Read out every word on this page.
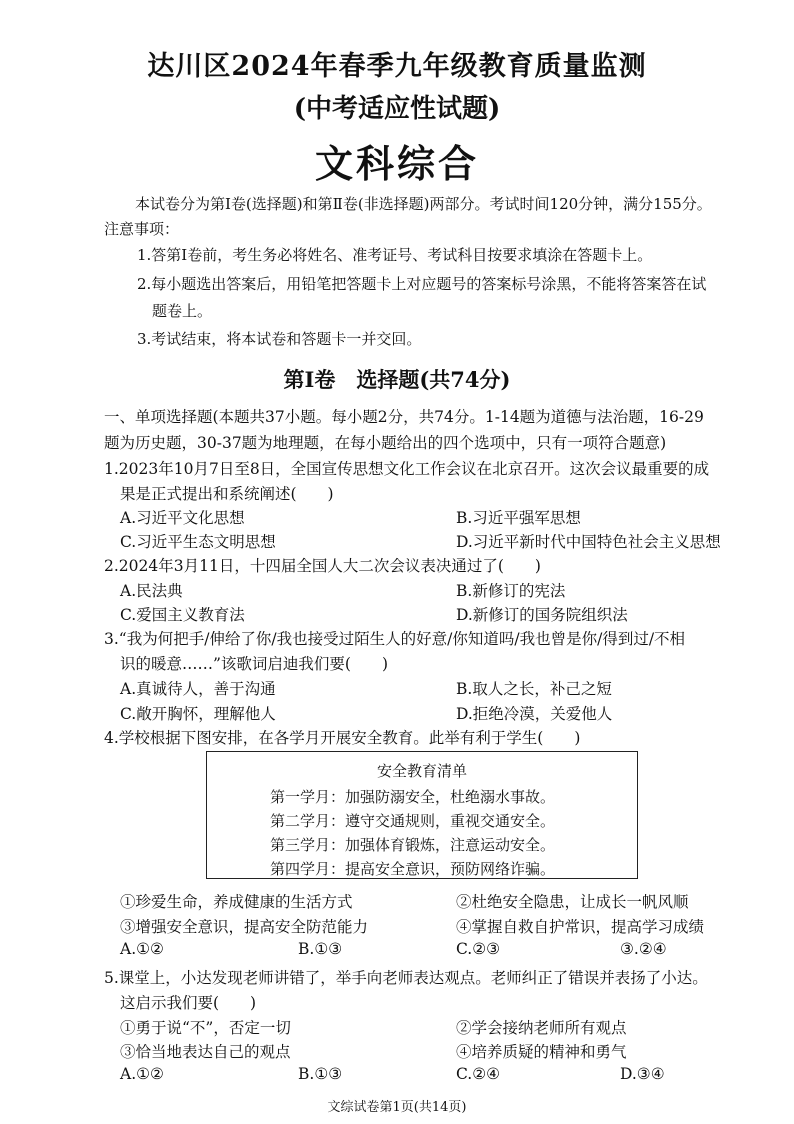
达川区2024年春季九年级教育质量监测
(中考适应性试题)
文科综合
本试卷分为第Ⅰ卷(选择题)和第Ⅱ卷(非选择题)两部分。考试时间120分钟，满分155分。
注意事项：
1.答第Ⅰ卷前，考生务必将姓名、准考证号、考试科目按要求填涂在答题卡上。
2.每小题选出答案后，用铅笔把答题卡上对应题号的答案标号涂黑，不能将答案答在试
题卷上。
3.考试结束，将本试卷和答题卡一并交回。
第Ⅰ卷　选择题(共74分)
一、单项选择题(本题共37小题。每小题2分，共74分。1-14题为道德与法治题，16-29
题为历史题，30-37题为地理题，在每小题给出的四个选项中，只有一项符合题意)
1.2023年10月7日至8日，全国宣传思想文化工作会议在北京召开。这次会议最重要的成
果是正式提出和系统阐述(　　)
A.习近平文化思想	B.习近平强军思想
C.习近平生态文明思想	D.习近平新时代中国特色社会主义思想
2.2024年3月11日，十四届全国人大二次会议表决通过了(　　)
A.民法典	B.新修订的宪法
C.爱国主义教育法	D.新修订的国务院组织法
3.“我为何把手/伸给了你/我也接受过陌生人的好意/你知道吗/我也曾是你/得到过/不相
识的暖意……”该歌词启迪我们要(　　)
A.真诚待人，善于沟通	B.取人之长，补己之短
C.敞开胸怀，理解他人	D.拒绝冷漠，关爱他人
4.学校根据下图安排，在各学月开展安全教育。此举有利于学生(　　)
安全教育清单
第一学月：加强防溺安全，杜绝溺水事故。
第二学月：遵守交通规则，重视交通安全。
第三学月：加强体育锻炼，注意运动安全。
第四学月：提高安全意识，预防网络诈骗。
①珍爱生命，养成健康的生活方式	②杜绝安全隐患，让成长一帆风顺
③增强安全意识，提高安全防范能力	④掌握自救自护常识，提高学习成绩
A.①②	B.①③	C.②③	③.②④
5.课堂上，小达发现老师讲错了，举手向老师表达观点。老师纠正了错误并表扬了小达。
这启示我们要(　　)
①勇于说“不”，否定一切	②学会接纳老师所有观点
③恰当地表达自己的观点	④培养质疑的精神和勇气
A.①②	B.①③	C.②④	D.③④
文综试卷第1页(共14页)
